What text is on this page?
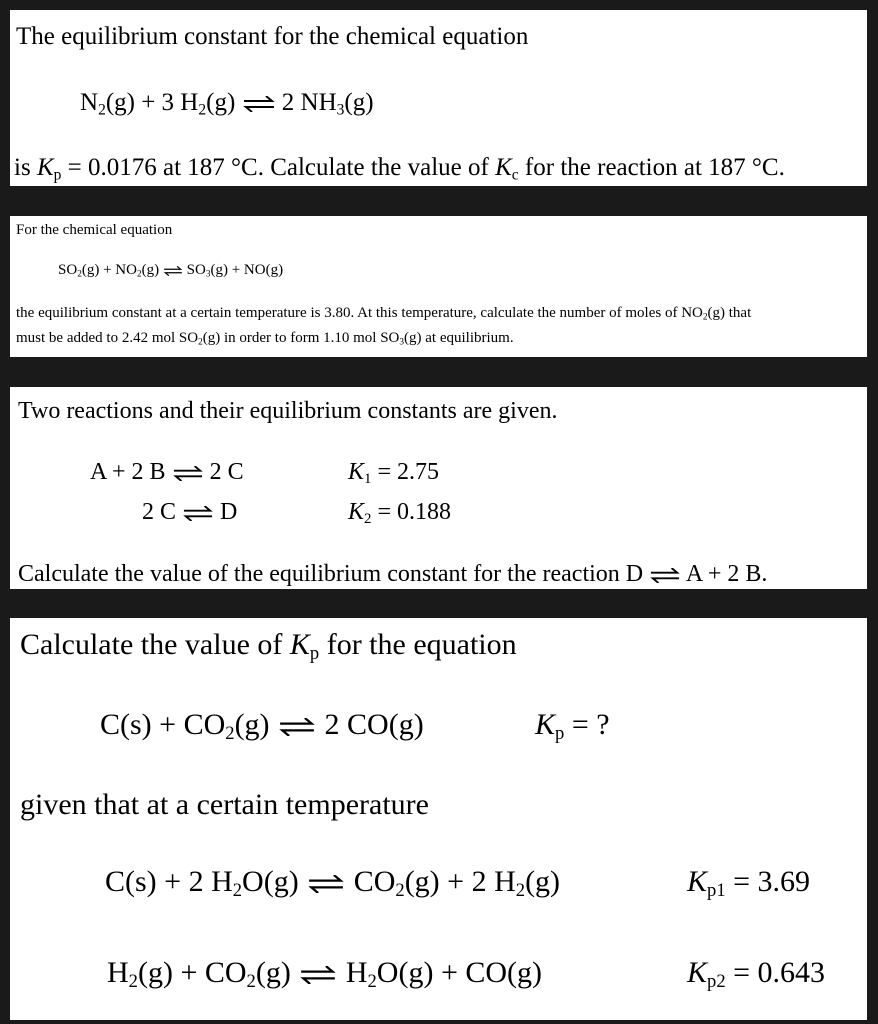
The equilibrium constant for the chemical equation
$N_2(g) + 3$ $H_2(g)$ ⇌ 2 $NH_3(g)$
is $K_p = 0.0176$ at 187 °C. Calculate the value of $K_c$ for the reaction at 187 °C.
For the chemical equation
$SO_2(g) + NO_2(g)$ ⇌ $SO_3(g) + NO(g)$
the equilibrium constant at a certain temperature is 3.80. At this temperature, calculate the number of moles of $NO_2(g)$ that
must be added to 2.42 mol $SO_2(g)$ in order to form 1.10 mol $SO_3(g)$ at equilibrium.
Two reactions and their equilibrium constants are given.
A + 2 B ⇌ 2 C	$K_1 = 2.75$
2 C ⇌ D	$K_2 = 0.188$
Calculate the value of the equilibrium constant for the reaction D ⇌ A + 2 B.
Calculate the value of $K_p$ for the equation
$C(s) + CO_2(g)$ ⇌ 2 CO(g)	$K_p$ = ?
given that at a certain temperature
C(s) + 2 $H_2O(g)$ ⇌ $CO_2(g) + 2$ $H_2(g)$	$K_{p1} = 3.69$
$H_2(g) + CO_2(g)$ ⇌ $H_2O(g) + CO(g)$	$K_{p2} = 0.643$
